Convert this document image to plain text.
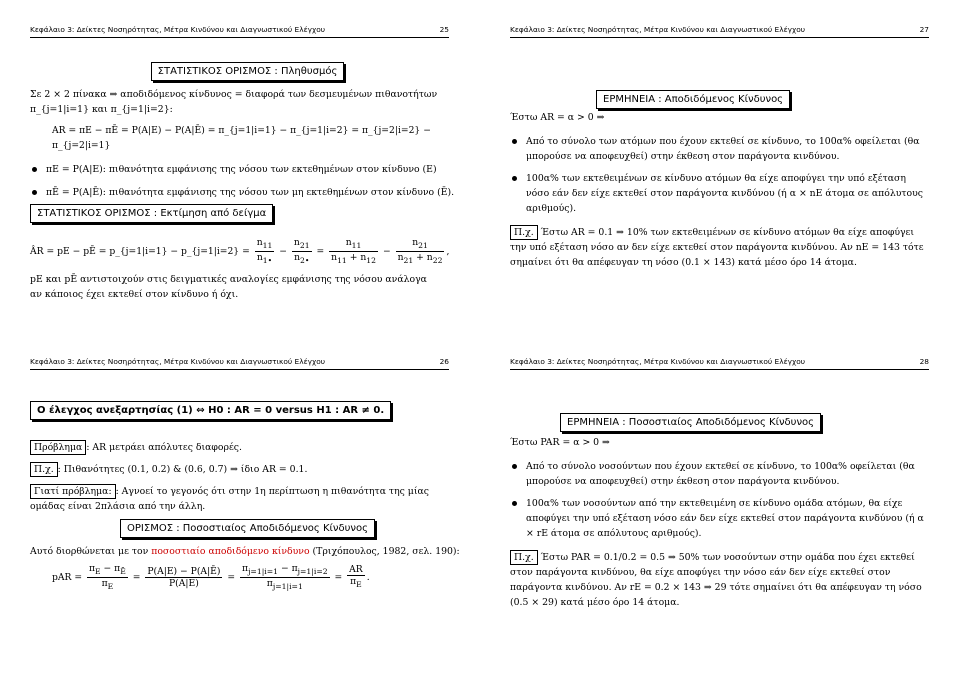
Κεφάλαιο 3: Δείκτες Νοσηρότητας, Μέτρα Κινδύνου και Διαγνωστικού Ελέγχου	25
ΣΤΑΤΙΣΤΙΚΟΣ ΟΡΙΣΜΟΣ : Πληθυσμός
Σε 2 × 2 πίνακα ⇒ αποδιδόμενος κίνδυνος = διαφορά των δεσμευμένων πιθανοτήτων
π_{j=1|i=1} και π_{j=1|i=2}:
AR = πE − πĒ = P(A|E) − P(A|Ē) = π_{j=1|i=1} − π_{j=1|i=2} = π_{j=2|i=2} − π_{j=2|i=1}
πE = P(A|E): πιθανότητα εμφάνισης της νόσου των εκτεθημένων στον κίνδυνο (E)
πĒ = P(A|Ē): πιθανότητα εμφάνισης της νόσου των μη εκτεθημένων στον κίνδυνο (Ē).
ΣΤΑΤΙΣΤΙΚΟΣ ΟΡΙΣΜΟΣ : Εκτίμηση από δείγμα
ÂR = pE − pĒ = p_{j=1|i=1} − p_{j=1|i=2} = $\frac{n_{11}}{n_{1•}} - \frac{n_{21}}{n_{2•}} = \frac{n_{11}}{n_{11} + n_{12}} - \frac{n_{21}}{n_{21} + n_{22}}$ ,
pE και pĒ αντιστοιχούν στις δειγματικές αναλογίες εμφάνισης της νόσου ανάλογα
αν κάποιος έχει εκτεθεί στον κίνδυνο ή όχι.
Κεφάλαιο 3: Δείκτες Νοσηρότητας, Μέτρα Κινδύνου και Διαγνωστικού Ελέγχου	27
ΕΡΜΗΝΕΙΑ : Αποδιδόμενος Κίνδυνος
Έστω AR = α > 0 ⇒
Από το σύνολο των ατόμων που έχουν εκτεθεί σε κίνδυνο, το 100α% οφείλεται (θα μπορούσε να αποφευχθεί) στην έκθεση στον παράγοντα κινδύνου.
100α% των εκτεθειμένων σε κίνδυνο ατόμων θα είχε αποφύγει την υπό εξέταση νόσο εάν δεν είχε εκτεθεί στον παράγοντα κινδύνου (ή α × nE άτομα σε απόλυτους αριθμούς).
Π.χ. Έστω AR = 0.1 ⇒ 10% των εκτεθειμένων σε κίνδυνο ατόμων θα είχε αποφύγει την υπό εξέταση νόσο αν δεν είχε εκτεθεί στον παράγοντα κινδύνου. Αν nE = 143 τότε σημαίνει ότι θα απέφευγαν τη νόσο (0.1 × 143) κατά μέσο όρο 14 άτομα.
Κεφάλαιο 3: Δείκτες Νοσηρότητας, Μέτρα Κινδύνου και Διαγνωστικού Ελέγχου	26
Ο έλεγχος ανεξαρτησίας (1) ⇔ H0 : AR = 0 versus H1 : AR ≠ 0.
Πρόβλημα : AR μετράει απόλυτες διαφορές.
Π.χ. : Πιθανότητες (0.1, 0.2) & (0.6, 0.7) ⇒ ίδιο AR = 0.1.
Γιατί πρόβλημα: : Αγνοεί το γεγονός ότι στην 1η περίπτωση η πιθανότητα της μίας ομάδας είναι 2πλάσια από την άλλη.
ΟΡΙΣΜΟΣ : Ποσοστιαίος Αποδιδόμενος Κίνδυνος
Αυτό διορθώνεται με τον ποσοστιαίο αποδιδόμενο κίνδυνο (Τριχόπουλος, 1982, σελ. 190):
pAR = $\frac{\pi_E - \pi_Ē}{\pi_E} = \frac{P(A|E) - P(A|Ē)}{P(A|E)} = \frac{\pi_{j=1|i=1} - \pi_{j=1|i=2}}{\pi_{j=1|i=1}} = \frac{AR}{\pi_E}$ .
Κεφάλαιο 3: Δείκτες Νοσηρότητας, Μέτρα Κινδύνου και Διαγνωστικού Ελέγχου	28
ΕΡΜΗΝΕΙΑ : Ποσοστιαίος Αποδιδόμενος Κίνδυνος
Έστω PAR = α > 0 ⇒
Από το σύνολο νοσούντων που έχουν εκτεθεί σε κίνδυνο, το 100α% οφείλεται (θα μπορούσε να αποφευχθεί) στην έκθεση στον παράγοντα κινδύνου.
100α% των νοσούντων από την εκτεθειμένη σε κίνδυνο ομάδα ατόμων, θα είχε αποφύγει την υπό εξέταση νόσο εάν δεν είχε εκτεθεί στον παράγοντα κινδύνου (ή α × rE άτομα σε απόλυτους αριθμούς).
Π.χ. Έστω PAR = 0.1/0.2 = 0.5 ⇒ 50% των νοσούντων στην ομάδα που έχει εκτεθεί στον παράγοντα κινδύνου, θα είχε αποφύγει την νόσο εάν δεν είχε εκτεθεί στον παράγοντα κινδύνου. Αν rE = 0.2 × 143 ⇒ 29 τότε σημαίνει ότι θα απέφευγαν τη νόσο (0.5 × 29) κατά μέσο όρο 14 άτομα.
